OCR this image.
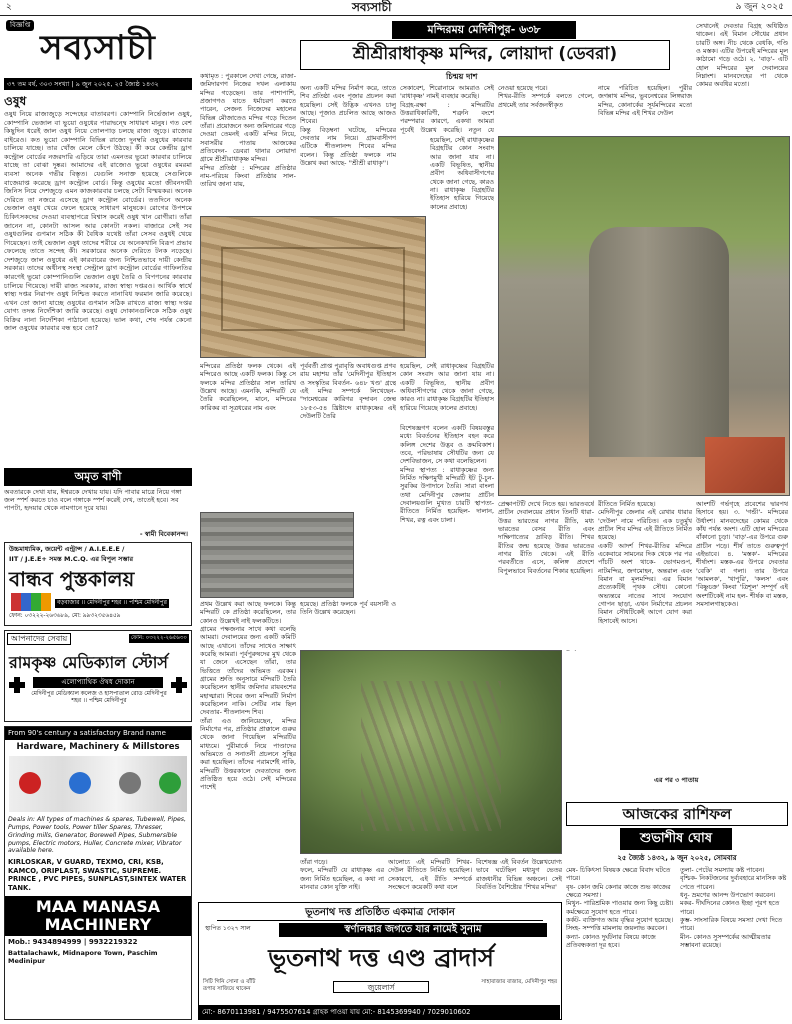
২	সব্যসাচী	৯ জুন ২০২৫
বিজ্ঞপ্তি
সব্যসাচী
৩৭ তম বর্ষ, ৩০৩ সংখ্যা | ৯ জুন ২০২৫, ২৫ জ্যৈষ্ঠ ১৪৩২
ওষুধ
ওষুধ নিয়ে রাজ্যজুড়ে সন্দেহের বাতাবরণ। কোম্পানি নির্ভেজাল ওষুধ, কোম্পানি ভেজাল বা ভুয়ো ওষুধের পারাদ্বন্দ্বে সাধারণ মানুষ। গত বেশ কিছুদিন ধরেই জাল ওষুধ নিয়ে তোলপাড় চলছে রাজ্য জুড়ে। রাজ্যের বাইরেও। কত ভুয়ো কোম্পানি বিভিন্ন রাজ্যে দুনম্বরি ওষুধের কারবার চালিয়ে যাচ্ছে। তার খোঁজ মেলে কেঁপে উঠছে। কী করে কেন্দ্রীয় ড্রাগ কন্ট্রোল বোর্ডের নজরদারি এড়িয়ে তারা এমনতর ভুয়ো কারবার চালিয়ে যাচ্ছে তা বোঝা দুষ্কর। আমাদের এই রাজ্যেও ভুয়ো ওষুধের রমরমা ব্যবসা অনেক গভীর বিস্তৃত। যেগুলি সনাক্ত হয়েছে সেগুলিকে বাজেয়াপ্ত করেছে ড্রাগ কন্ট্রোল বোর্ড। কিন্তু ওষুধের মতো জীবনদায়ী জিনিস নিয়ে দেশজুড়ে এমন কাজকারবার চলছে সেটা বিস্ময়কর। অনেক দেরিতে তা নজরে এসেছে ড্রাগ কন্ট্রোল বোর্ডের। ততদিনে অনেক ভেজাল ওষুধ খেয়ে ফেলে হয়েছে সাধারণ মানুষকে। রোগের উপশমে চিকিৎসকদের দেওয়া ব্যবস্থাপত্রে বিশ্বাস করেই ওষুধ খান রোগীরা। তাঁরা জানেন না, কোনটা আসল আর কোনটা নকল। বাজারে সেই সব ওষুধগুলির গুণমান সঠিক কী বৈধিক যথেষ্ট তাঁরা সেসব ওষুধই খেয়ে গিয়েছেন। তাই ভেজাল ওষুধ তাদের শরীরে যে অনেকখানি বিরূপ প্রভাব ফেলেছে তাতে সন্দেহ কী। সরকারের অনেক দেরিতে টনক নড়েছে। দেশজুড়ে জাল ওষুধের এই কারবারের জন্য নিশ্চিতভাবে দায়ী কেন্দ্রীয় সরকার। তাদের অধীনস্থ সংস্থা সেন্ট্রাল ড্রাগ কন্ট্রোল বোর্ডের গাফিলতির কারণেই ভুয়ো কোম্পানিগুলি ভেজাল ওষুধ তৈরি ও বিপণনের কারবার চালিয়ে গিয়েছে। দায়ী রাজ্য সরকার, রাজ্য স্বাস্থ্য দপ্তরও। আর্থিক স্বার্থে স্বাস্থ্য দপ্তর নিরাপদ ওষুধ নিশ্চিত করতে নানাবিধ ফরমান জারি করেছে। এখন তো জানা যাচ্ছে ওষুধের গুণমান সঠিক রাখতে রাজ্য স্বাস্থ্য দপ্তর যোগ্য তদন্ত নির্দেশিকা জারি করেছে। ওষুধ দোকানগুলিকে সঠিক ওষুধ বিক্রির নানা নির্দেশিকা পাঠানো হয়েছে। ভাল কথা, শেষ পর্যন্ত কেনো জাল ওষুধের কারবার বন্ধ হবে তো?
অমৃত বাণী
অবতারকে দেখা যায়, ঈশ্বরকে দেখায় যায়। যদি পাবার মাত্রে নিয়ে গঙ্গা জল স্পর্শ করতে চাও বলে গঙ্গাকে স্পর্শ করেই দেখ, তাতেই হবে। সব পাপটা, হৃদয়ার থেকে নামগানে দূরে যায়।
- স্বামী বিবেকানন্দ।
উচ্চমাধ্যমিক, জয়েন্ট এন্ট্রান্স / A.I.E.E.E /
IIT / J.E.E+ সমস্ত M.C.Q. এর বিপুল সম্ভার
বান্ধব পুস্তকালয়
বড়বাজার ।। মেদিনীপুর শহর ।। পশ্চিম মেদিনীপুর
ফোন: ০৩২২২-২৬৩৬৮৯, মো: ৯৯৩২৩৫৬৪৫৯
আপনাদের সেবায়	ফোন: ০৩২২২-২৬৫৬৩০
রামকৃষ্ণ মেডিক্যাল স্টোর্স
এলোপ্যাথিক ঔষধ দোকান
মেদিনীপুর মেডিক্যাল কলেজ ও হাসপাতাল রোড মেদিনীপুর শহর ।। পশ্চিম মেদিনীপুর
From 90's century a satisfactory Brand name
Hardware, Machinery & Millstores
Deals in: All types of machines & spares, Tubewell, Pipes, Pumps, Power tools, Power tiller Spares, Thresser, Grinding mills, Generator, Borewell Pipes, Submersible pumps, Electric motors, Huller, Concrete mixer, Vibrator available here.
KIRLOSKAR, V GUARD, TEXMO, CRI, KSB, KAMCO, ORIPLAST, SWASTIC, SUPREME. PRINCE , PVC PIPES, SUNPLAST,SINTEX WATER TANK.
MAA MANASA MACHINERY
Mob.: 9434894999 | 9932219322
Battalachawk, Midnapore Town, Paschim Medinipur
মন্দিরময় মেদিনীপুর- ৬৩৮
শ্রীশ্রীরাধাকৃষ্ণ মন্দির, লোয়াদা (ডেবরা)
চিন্ময় দাশ
কথামৃত : পুরকালে দেখা গেছে, রাজা-জমিদারগণ নিজের দখল এলাকায় মন্দির গড়েছেন। তার পাশাপাশি, প্রজাগণও যাতে ধর্মাচরণ করতে পারেন, সেজন্য নিজেদের মহালের বিভিন্ন মৌজাতেও মন্দির গড়ে দিতেন তাঁরা। প্রয়োজনে অন্য জমিদারের গড়ে দেওয়া তেমনই একটি মন্দির নিয়ে, সবাসরীর পাতায় আজকের প্রতিবেদন- ডেবরা থানার লোয়াদা গ্রামে শ্রীশ্রীরাধাকৃষ্ণ মন্দির।
মন্দির প্রতিষ্ঠা : মন্দিরের প্রতিষ্ঠার নাম-পরিচয় কিংবা প্রতিষ্ঠার সাল-তারিখ জানা যায়,
অন্য একটি মন্দির নির্মাণ করে, তাতে শিব প্রতিষ্ঠা এবং পূজার প্রচলন করা হয়েছিল। সেই উদ্ভিক এখনও চালু আছে। পূজাও প্রচলিত আছে আজও শিবের।
কিন্তু বিড়ম্বনা ঘটেছে, মন্দিরের দেবতার নাম নিয়ে। গ্রামবাসীগণ এটিকে শীতলানন্দ শিবের মন্দির বলেন। কিন্তু প্রতিষ্ঠা ফলকে নাম উল্লেখ করা আছে- ''শ্রীশ্রী রাধাকৃ''।
সেকাবেশ, শিরোনামে আমরাও সেই 'রাধাকৃষ্ণ' নামই ব্যবহার করেছি।
বিগ্রহ-রক্ষা : মন্দিরটির উত্তরাধিকারিণী, শত্রুনি বংশে পরম্পরার কারণে, একথা আমরা পূর্বেই উল্লেখ করেছি। নতুন যে
নেওয়া হয়েছে পরে।
শিখর-রীতি সম্পর্কে বলতে গেলে, প্রথমেই তার সর্বজনস্বীকৃত
নামে পরিচিত হয়েছিল। পুরীর জগন্নাথ মন্দির, ভুবনেশ্বরের লিঙ্গরাজ মন্দির, কোনার্কের সূর্যমন্দিরের মতো বিভিন্ন মন্দির এই শিখর দেউল
সেখানেই দেবতার বিগ্রহ অধিষ্ঠিত থাকেন। এই বিমান সৌধের প্রধান চারটি অঙ্গ। নীচ থেকে বেধকি, গণ্ডি ও মস্তক। এটির উপরেই মন্দিরের মূল কাঠামো গড়ে ওঠে। ২. 'বাড়'- এটি হোল মন্দিরের মূল দেবালয়ের নিম্নাংশ। মানবদেহের পা থেকে কোমর অবধির মতো।
হয়েছিল, সেই রাধাকৃষ্ণের বিগ্রহটির কোন সংবাদ আর জানা যায় না। একটি বিভূষিত, স্থানীয় প্রবীণ অধিবাসীগণের থেকে জানা গেছে, কারও না। রাধাকৃষ্ণ বিগ্রহটির ইতিহাস হারিয়ে গিয়েছে কালের প্রবাহে।
মন্দিরের প্রতিষ্ঠা ফলক থেকে। এই মন্দিরেও আছে একটি ফলক। কিন্তু সে ফলকে মন্দির প্রতিষ্ঠার সাল তারিখ উল্লেখ আছে। এমনকি, মন্দিরটি যে তৈরি করেছিলেন, মানে, মন্দিরের কারিকর বা সূত্রধরের নাম এবং
পূর্ববর্তী প্রাপ্ত পুরাবৃত্তি অবাধগুপ্ত প্রণব রায় মহাশয় তাঁর 'মেদিনীপুর ইতিহাস ও সংস্কৃতির বিবর্তন- ৬৪৮ খণ্ড' গ্রন্থে এই মন্দির সম্পর্কে লিখেছেন- "দামেশ্বরের কারিগর বৃন্দাবন জেল্ব ১৮৫৩-৫৪ খ্রিষ্টাব্দে রাধাকৃষ্ণের এই দেউলটি তৈরি
হয়েছিল, সেই রাধাকৃষ্ণের বিগ্রহটির কোন সংবাদ আর জানা যায় না। একটি বিভূষিত, স্থানীয় প্রবীণ অধিবাসীগণের থেকে জানা গেছে, কারও না। রাধাকৃষ্ণ বিগ্রহটির ইতিহাস হারিয়ে গিয়েছে কালের প্রবাহে।
বিশেষজ্ঞগণ বলেন একটি বিষয়বস্তুর মধ্যে বিবর্তনের ইতিহাস বহন করে কলিঙ্গ দেশের উদ্ভব ও ক্রমবিকাশ। তবে, পরিভাষায় সৌধটির জন্য যে দেশবিভাজন, সে কথা বলেছিলেন।
মন্দির স্থাপত্য : রাধাকৃষ্ণের জন্য নির্মিত দক্ষিণমুখী মন্দিরটি ইট টু-চুন-সুরকির উপাদানে তৈরি। সারা বাংলা তথা মেদিনীপুর জেলায় প্রাচীন দেবালয়গুলি মুখ্যত চারটি স্থাপত্য-রীতিতে নির্মিত হয়েছিল- দালান, শিখর, রত্ন এবং চালা।
হয়েছে। প্রতিষ্ঠা ফলকে পূর্ব বয়সানী ও তিনি উল্লেখ করেছেন।
প্রথম উল্লেখ করা আছে ফলকে। কিন্তু মন্দিরটি কে প্রতিষ্ঠা করেছিলেন, তার কোনও উল্লেখই নাই ফলকটিতে।
গ্রামের পক্ষজনার সাথে কথা বলেছি আমরা। দেবালয়ের জন্য একটি কমিটি আছে এখানে। তাঁদের সাথেও সাক্ষাৎ করেছি আমরা। পূর্বপুরুষদের মুখ থেকে যা জেনে এসেছেন তাঁরা, তার ভিত্তিতে তাঁদের অভিমত এরকম। গ্রামের শ্রুতি অনুসারে মন্দিরটি তৈরি করেছিলেন স্থানীয় জমিদার রায়বংশের মহাত্মারা। শিবের জন্য মন্দিরটি নির্মাণ করেছিলেন নাকি। সেটির নাম ছিল দেবতার- শীতলানন্দ শিব।
তাঁরা এও জানিয়েছেন, মন্দির নির্মাণের পর, প্রতিষ্ঠার প্রাক্কালে গুরুর থেকে জানা গিয়েছিল মন্দিরটির মাধ্যমে। পুরীমার্কে নিয়ে পাণ্ডাদের অভিমতে ও সনাতনী প্রচলনে সুস্থির করা হয়েছিল। তাঁদের পরামর্শেই নাকি, মন্দিরটি উত্তরকালে দেবতাদের জন্য প্রতিষ্ঠিত হয়ে ওঠে। সেই মন্দিরের পাশেই
প্রেক্ষাপটটি দেখে নিতে হয়। ভারতবর্ষে প্রাচীন দেবালয়ের প্রধান তিনটি ধারা-উত্তর ভারতের নাগর রীতি, মধ্য ভারতের বেসর রীতি এবং দাক্ষিণাত্যের দ্রাবিড় রীতি। শিখর রীতির জন্ম হয়েছে উত্তর ভারতের নাগর রীতি থেকে। এই রীতি পরবর্তীতে এসে, কলিঙ্গ প্রদেশে বিপুলভাবে বিবর্তনের শিকার হয়েছিল।
রীতিতে নির্মিত হয়েছে।
মেদিনীপুর জেলার এই রেখার ধারার 'দেউল' নামে পরিচিত। এক চতুর্মুখ প্রাচীন শিব মন্দির এই রীতিতে নির্মিত হয়েছে।
একটি আদর্শ শিখর-রীতির মন্দিরে একেবারে সামনের দিক থেকে পর পর পাঁচটি অংশ থাকে- ভোগমণ্ডপ, নাটমন্দির, জগমোহন, অন্তরাল এবং বিমান বা মূলমন্দির। এর বিমান প্রত্যেকটিই পৃথক সৌধ। কোনো অভ্যন্তরে নাতের সাথে সংযোগ গোপন ছাড়া, এখন নির্মাণের প্রচলন বিমান সৌধটিকেই আগে যোগ করা হিসাবেই আসে।
আংশটি গর্ভগৃহে প্রবেশের দ্বারপথ হিসাবে হয়। ৩. 'গন্ডী'- মন্দিরের উর্ধাংশ। মানবদেহের কোমর থেকে কাঁধ পর্যন্ত অংশ। এটি হোল মন্দিরের বাঁকানো চূড়া। 'বাড়'-এর উপরে গুরু প্রাচীন পড়ে। শীর্ষ তাতে গুরুত্বপূর্ণ এইভাবে। ৪. 'মস্তক'- মন্দিরের শীর্ষাংশ। মস্তক-এর উপরে দেবতার 'বেকি' বা গলা। তার উপরে 'আমলক', 'খাপুরি', 'কলস' এবং 'বিষ্ণুচক্র' কিংবা 'ত্রিশূল' সম্পূর্ণ এই অংশটিকেই নাম হল- শীর্ষক বা মস্তক, সমসালগাছকেও।
তাঁরা গড়ে।
ফলে, মন্দিরটি যে রাধাকৃষ্ণ এর জন্য নির্মিত হয়েছিল, এ কথা না মানবার কোন যুক্তি নাই।
আলোচ্য এই মন্দিরটি শিখর-দেউল রীতিতে নির্মিত হয়েছিল। সেকারণে, এই রীতি সম্পর্কে সংক্ষেপে কয়েকটি কথা বলে
বিশেষজ্ঞ এই বিবর্তন উল্লেখযোগ্য ভাবে ঘটেছিল মধ্যযুগ ভেতর রাজধানীর বিভিন্ন অঞ্চলে। সেই বিবর্তিত বৈশিষ্ট্যের 'শিখর মন্দির'
এর পর ৩ পাতায়
আজকের রাশিফল
শুভাশীষ ঘোষ
২৫ জ্যৈষ্ঠ ১৪৩২, ৯ জুন ২০২৫, সোমবার
মেষ- চিকিৎসা বিষয়ক ক্ষেত্রে বিবাদ ঘটতে পারে।
বৃষ- কোন জমি কেনার কাজে শুভ কাজের ক্ষেত্রে সমস্যা।
মিথুন- পারিশ্রমিক পাওয়ার জন্য কিছু চেষ্টা। কর্মক্ষেত্রে সুযোগ হতে পারে।
কর্কট- ব্যক্তিগত আয় বৃদ্ধির সুযোগ হয়েছে।
সিংহ- সম্পত্তি মামলায় জয়লাভ করবেন।
কন্যা- কোনও দুর্ঘটনার বিষয়ে কাজে প্রতিবন্ধকতা দূর হবে।
তুলা- পেটের সমস্যায় কষ্ট পাবেন।
বৃশ্চিক- নিকটজনের দুর্ব্যবহারে মানসিক কষ্ট পেতে পারেন।
ধনু- ভ্রমণের আনন্দ উপভোগ করবেন।
মকর- দীর্ঘদিনের কোনও ইচ্ছা পূরণ হতে পারে।
কুম্ভ- সাংসারিক বিষয়ে সমস্যা দেখা দিতে পারে।
মীন- কোনও সুসম্পর্কের আত্মীয়তার সম্ভাবনা রয়েছে।
ভূতনাথ দত্ত প্রতিষ্ঠিত একমাত্র দোকান
স্থাপিত ১৩২৭ সাল	স্বর্ণালঙ্কার জগতে যার নামেই সুনাম
ভূতনাথ দত্ত এণ্ড ব্রাদার্স
সিটি গিনি সোনা ও বাঁটি রূপার সাজিয়ে থাকেন	জুয়েলার্স
সাহাবাজার বাজার, মেদিনীপুর শহর
মো:- 8670113981 / 9475507614 গ্রাহক পাওয়া যায় মো:- 8145369940 / 7029010602
